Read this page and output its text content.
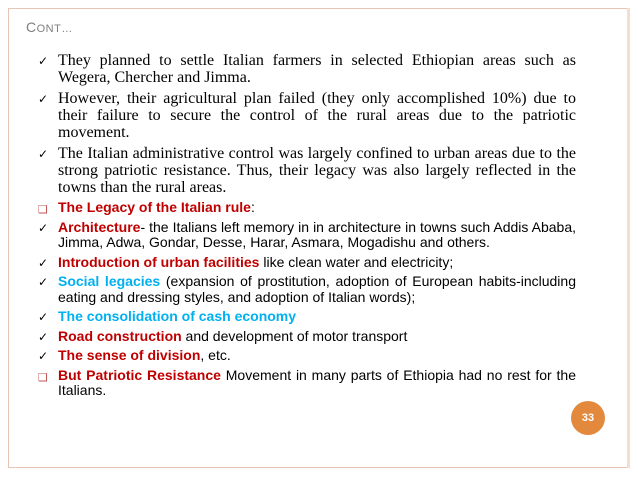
CONT…
✓ They planned to settle Italian farmers in selected Ethiopian areas such as Wegera, Chercher and Jimma.
✓ However, their agricultural plan failed (they only accomplished 10%) due to their failure to secure the control of the rural areas due to the patriotic movement.
✓ The Italian administrative control was largely confined to urban areas due to the strong patriotic resistance. Thus, their legacy was also largely reflected in the towns than the rural areas.
❑ The Legacy of the Italian rule:
✓ Architecture- the Italians left memory in in architecture in towns such Addis Ababa, Jimma, Adwa, Gondar, Desse, Harar, Asmara, Mogadishu and others.
✓ Introduction of urban facilities like clean water and electricity;
✓ Social legacies (expansion of prostitution, adoption of European habits-including eating and dressing styles, and adoption of Italian words);
✓ The consolidation of cash economy
✓ Road construction and development of motor transport
✓ The sense of division, etc.
❑ But Patriotic Resistance Movement in many parts of Ethiopia had no rest for the Italians.
33
